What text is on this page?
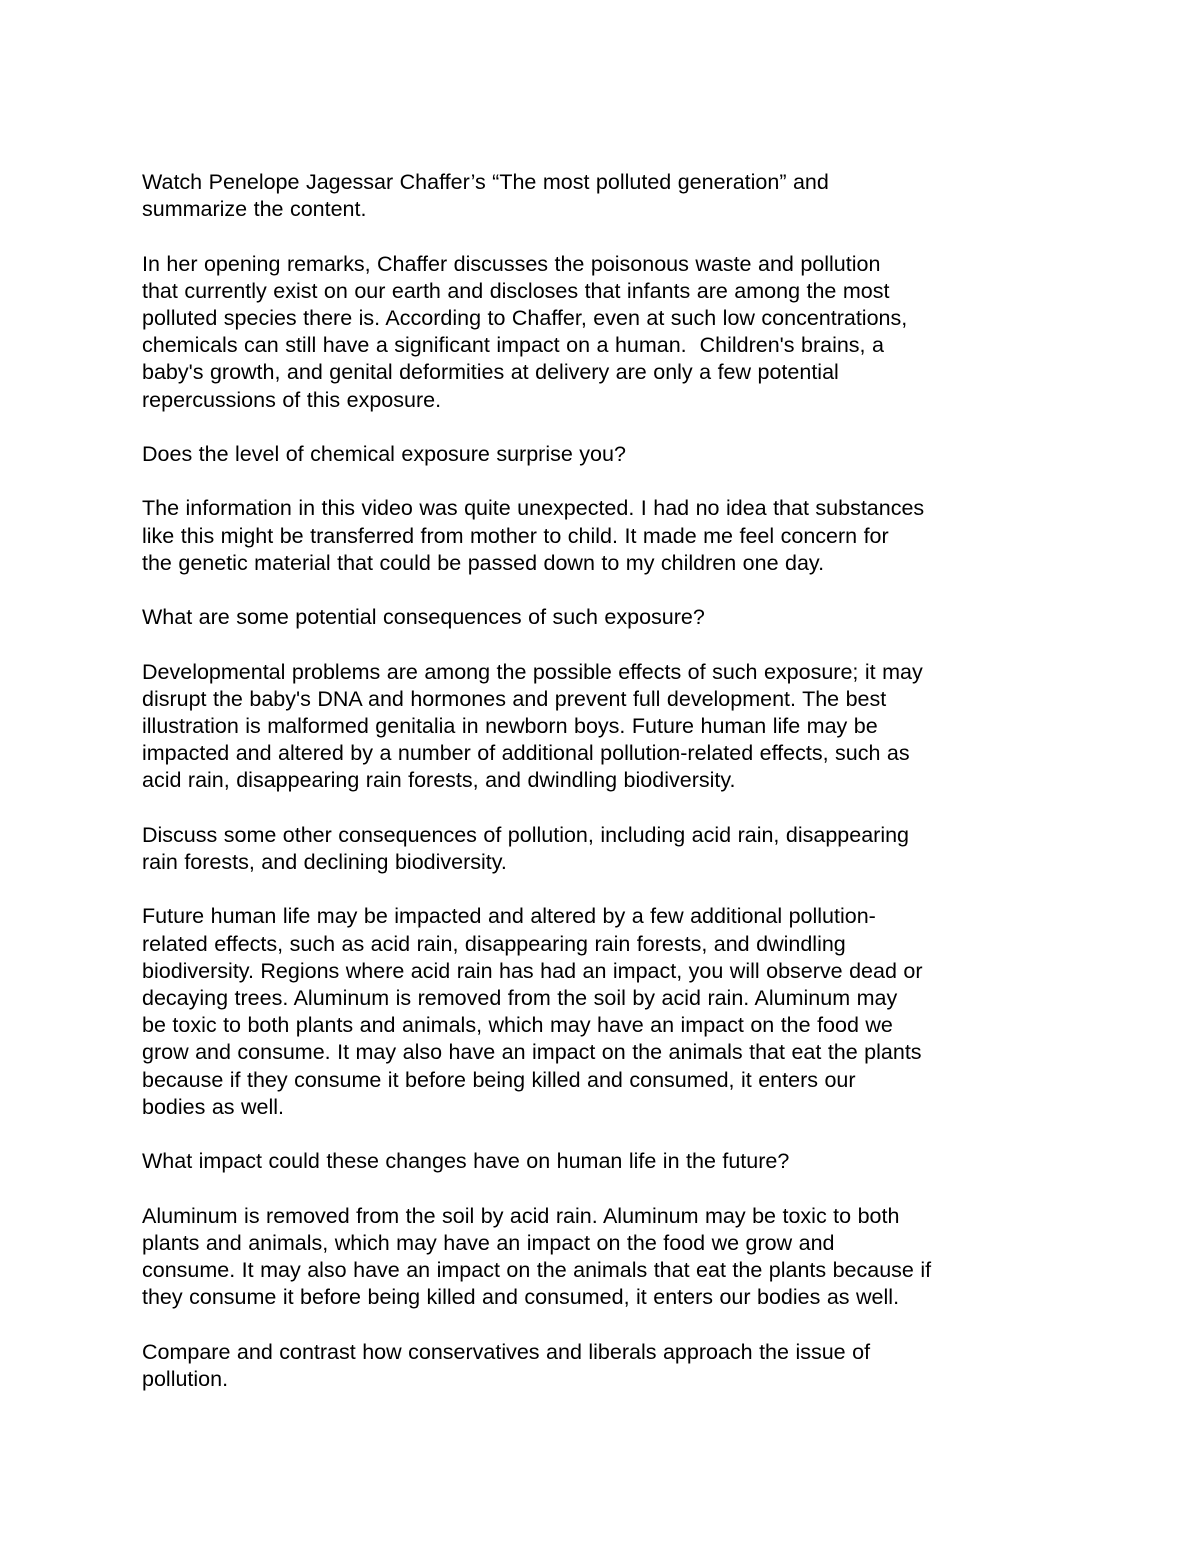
Watch Penelope Jagessar Chaffer’s “The most polluted generation” and
summarize the content.
In her opening remarks, Chaffer discusses the poisonous waste and pollution
that currently exist on our earth and discloses that infants are among the most
polluted species there is. According to Chaffer, even at such low concentrations,
chemicals can still have a significant impact on a human.  Children's brains, a
baby's growth, and genital deformities at delivery are only a few potential
repercussions of this exposure.
Does the level of chemical exposure surprise you?
The information in this video was quite unexpected. I had no idea that substances
like this might be transferred from mother to child. It made me feel concern for
the genetic material that could be passed down to my children one day.
What are some potential consequences of such exposure?
Developmental problems are among the possible effects of such exposure; it may
disrupt the baby's DNA and hormones and prevent full development. The best
illustration is malformed genitalia in newborn boys. Future human life may be
impacted and altered by a number of additional pollution-related effects, such as
acid rain, disappearing rain forests, and dwindling biodiversity.
Discuss some other consequences of pollution, including acid rain, disappearing
rain forests, and declining biodiversity.
Future human life may be impacted and altered by a few additional pollution-
related effects, such as acid rain, disappearing rain forests, and dwindling
biodiversity. Regions where acid rain has had an impact, you will observe dead or
decaying trees. Aluminum is removed from the soil by acid rain. Aluminum may
be toxic to both plants and animals, which may have an impact on the food we
grow and consume. It may also have an impact on the animals that eat the plants
because if they consume it before being killed and consumed, it enters our
bodies as well.
What impact could these changes have on human life in the future?
Aluminum is removed from the soil by acid rain. Aluminum may be toxic to both
plants and animals, which may have an impact on the food we grow and
consume. It may also have an impact on the animals that eat the plants because if
they consume it before being killed and consumed, it enters our bodies as well.
Compare and contrast how conservatives and liberals approach the issue of
pollution.
